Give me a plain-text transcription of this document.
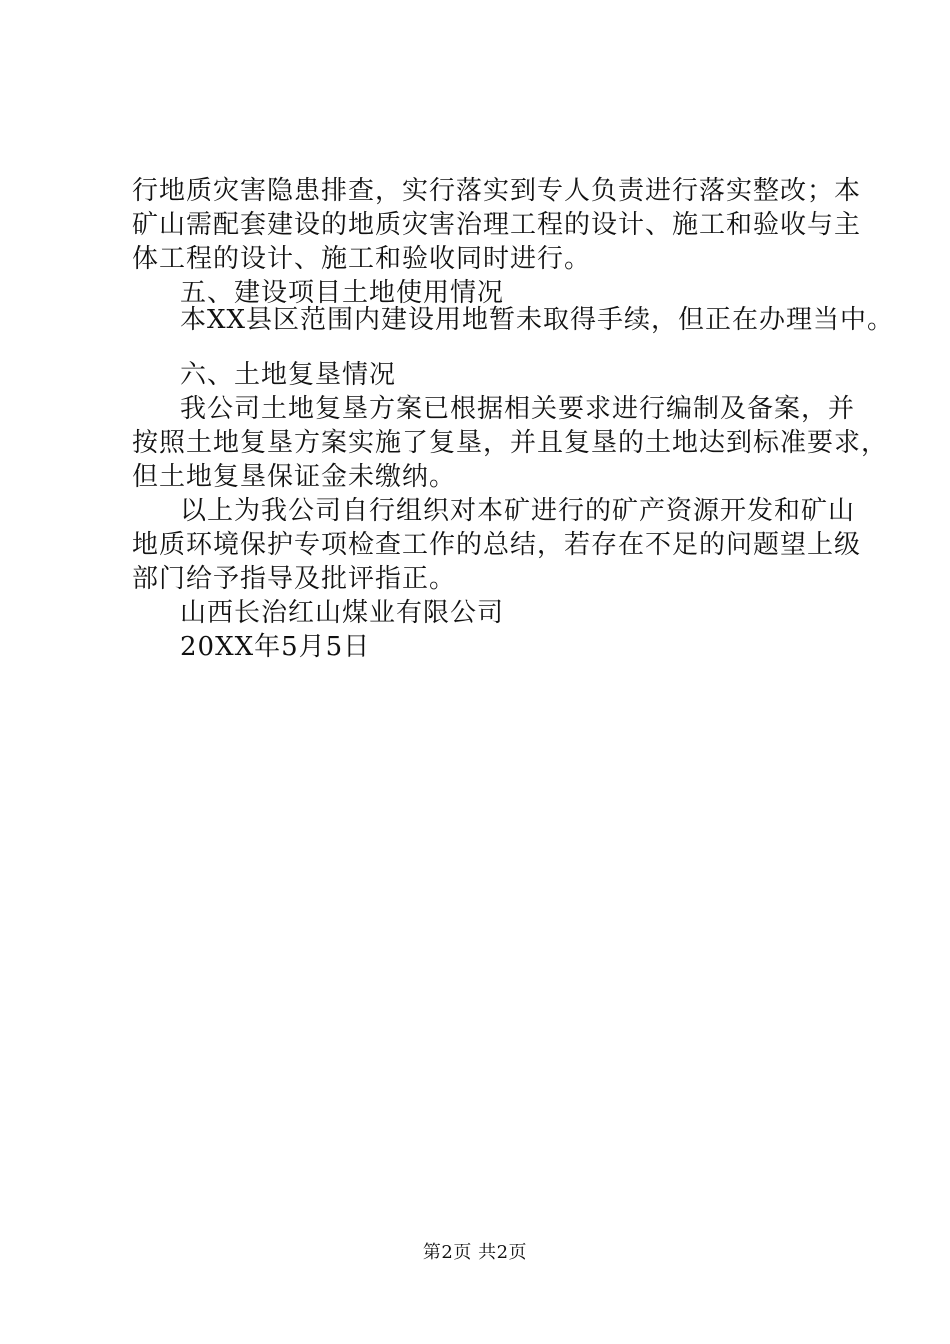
行地质灾害隐患排查，实行落实到专人负责进行落实整改；本
矿山需配套建设的地质灾害治理工程的设计、施工和验收与主
体工程的设计、施工和验收同时进行。
五、建设项目土地使用情况
本XX县区范围内建设用地暂未取得手续，但正在办理当中。
六、土地复垦情况
我公司土地复垦方案已根据相关要求进行编制及备案，并
按照土地复垦方案实施了复垦，并且复垦的土地达到标准要求，
但土地复垦保证金未缴纳。
以上为我公司自行组织对本矿进行的矿产资源开发和矿山
地质环境保护专项检查工作的总结，若存在不足的问题望上级
部门给予指导及批评指正。
山西长治红山煤业有限公司
20XX年5月5日
第2页 共2页
